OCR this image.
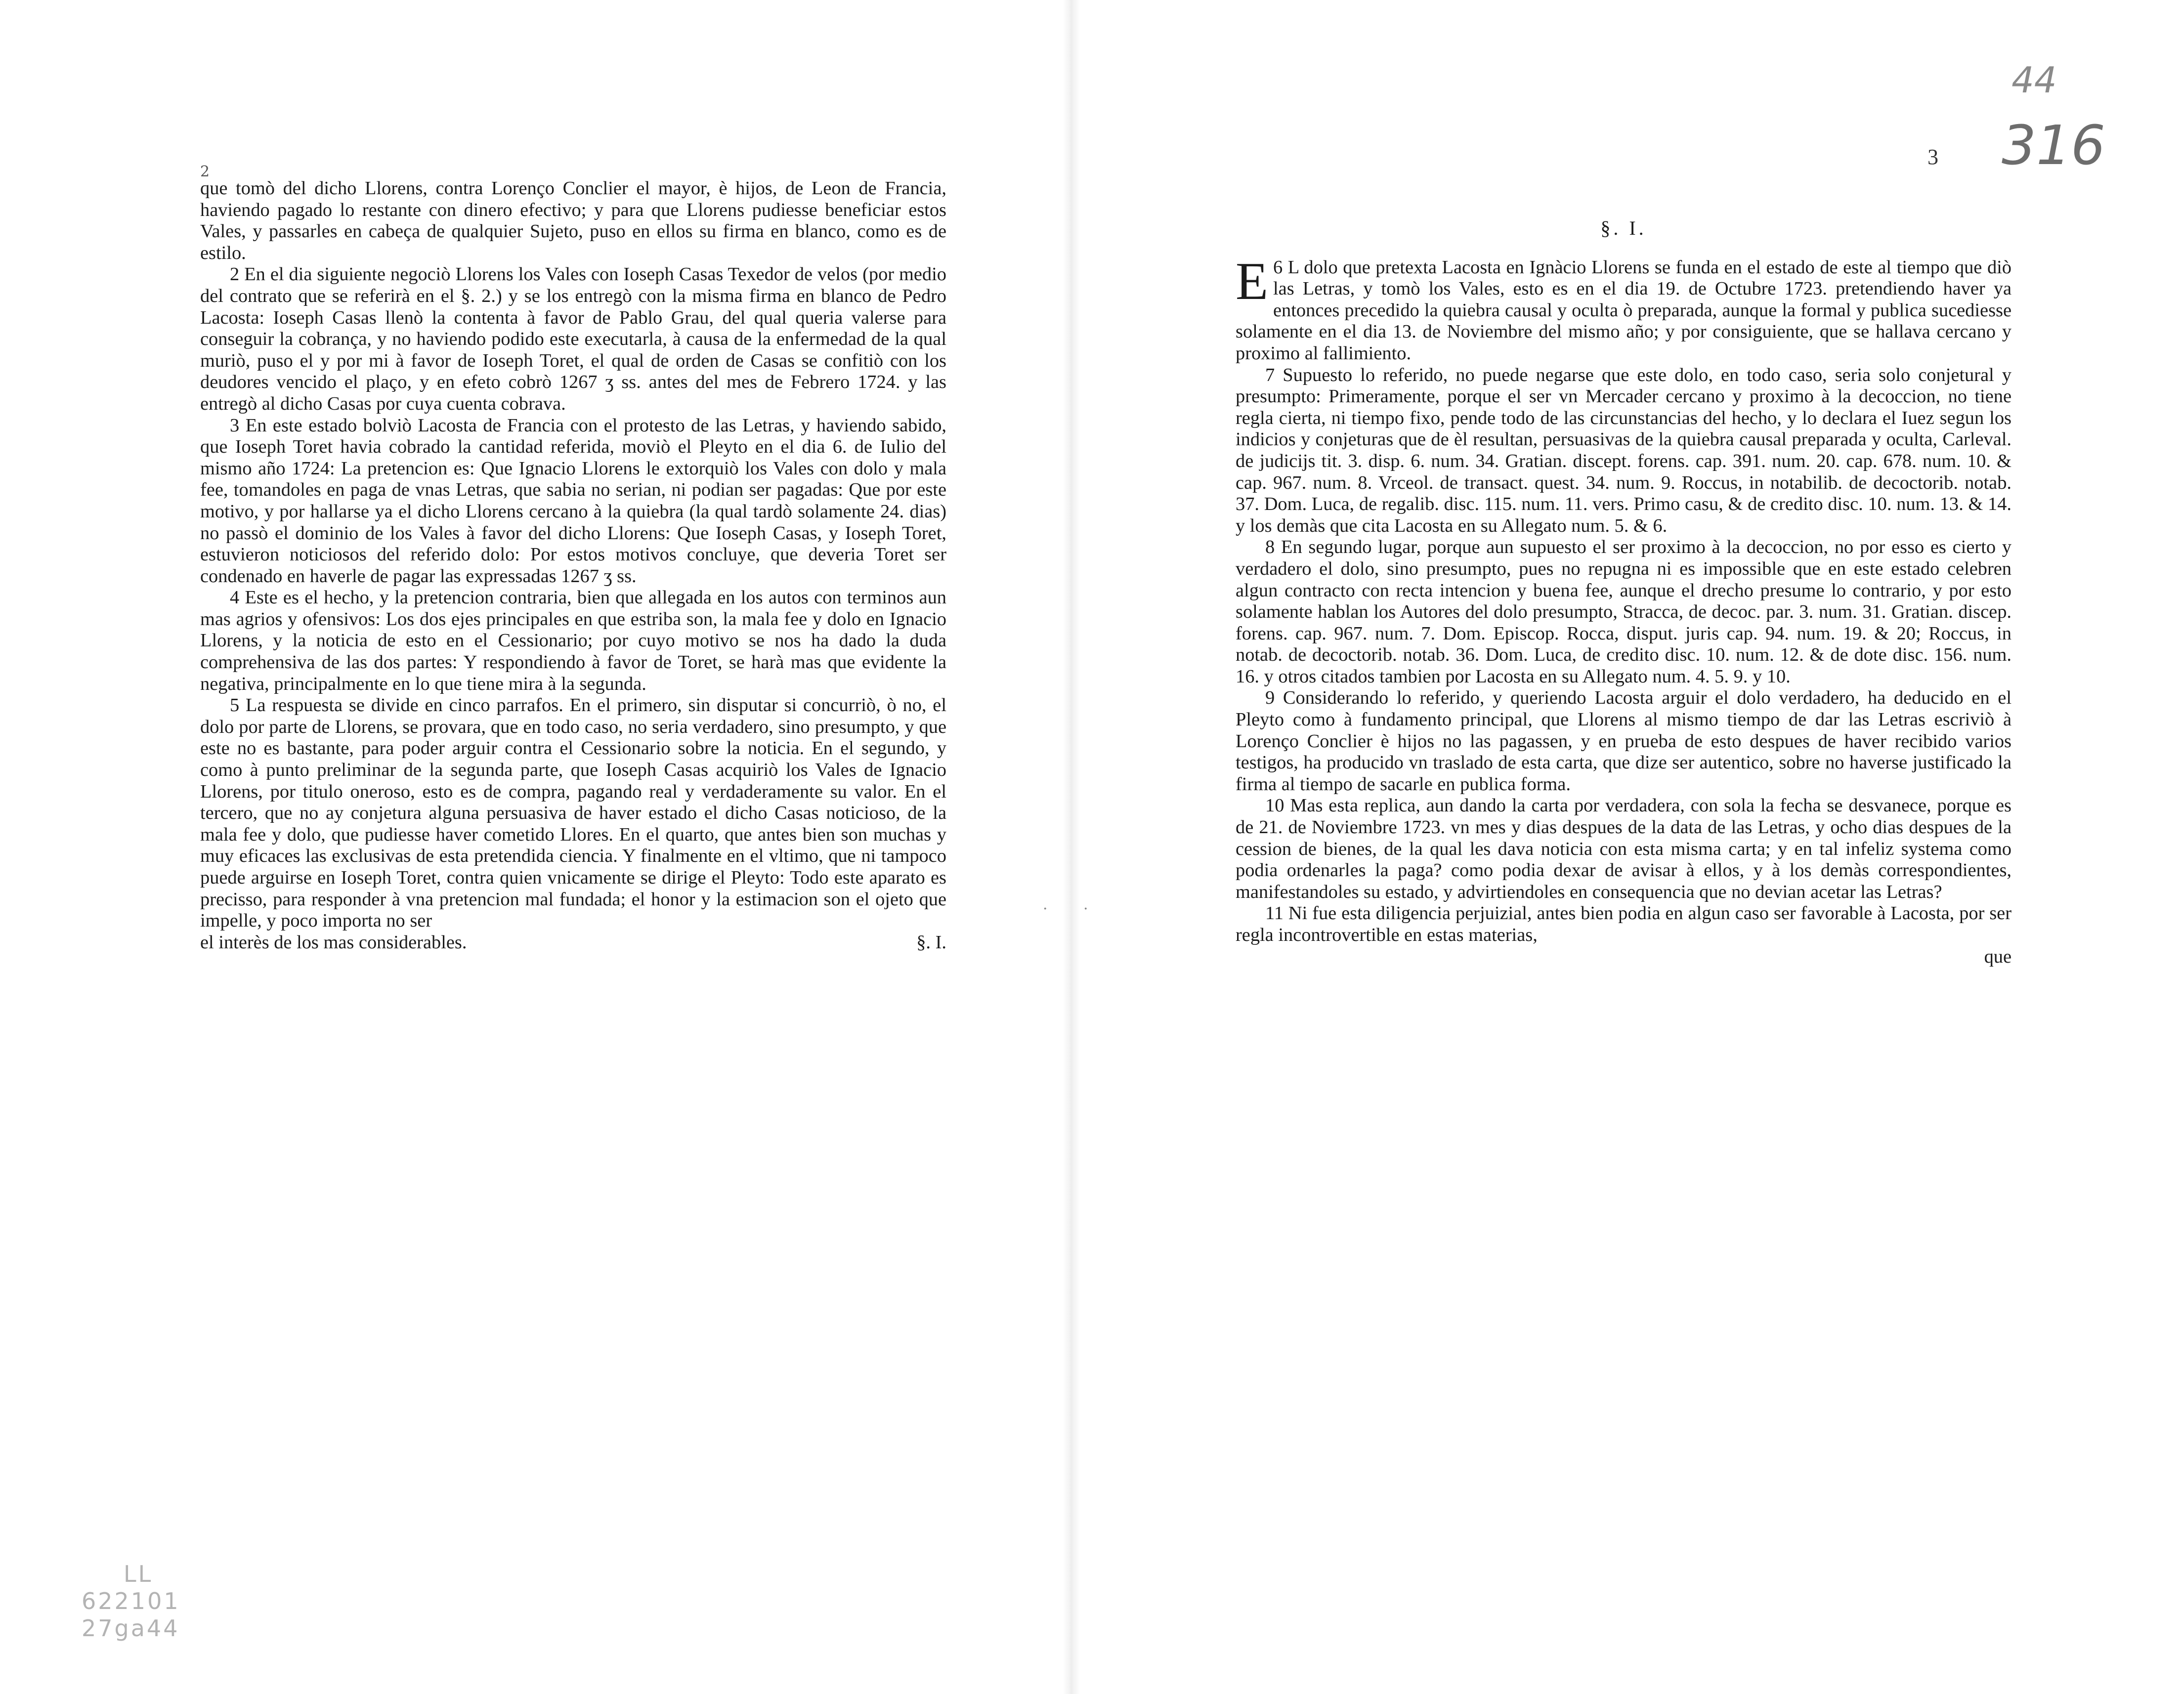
2

que tomò del dicho Llorens, contra Lorenço Conclier el mayor, è hijos, de Leon de Francia, haviendo pagado lo restante con dinero efectivo; y para que Llorens pudiesse beneficiar estos Vales, y passarles en cabeça de qualquier Sujeto, puso en ellos su firma en blanco, como es de estilo.

2 En el dia siguiente negociò Llorens los Vales con Ioseph Casas Texedor de velos (por medio del contrato que se referirà en el §. 2.) y se los entregò con la misma firma en blanco de Pedro Lacosta: Ioseph Casas llenò la contenta à favor de Pablo Grau, del qual queria valerse para conseguir la cobrança, y no haviendo podido este executarla, à causa de la enfermedad de la qual muriò, puso el y por mi à favor de Ioseph Toret, el qual de orden de Casas se confitiò con los deudores vencido el plaço, y en efeto cobrò 1267 ʒ ss. antes del mes de Febrero 1724. y las entregò al dicho Casas por cuya cuenta cobrava.

3 En este estado bolviò Lacosta de Francia con el protesto de las Letras, y haviendo sabido, que Ioseph Toret havia cobrado la cantidad referida, moviò el Pleyto en el dia 6. de Iulio del mismo año 1724: La pretencion es: Que Ignacio Llorens le extorquiò los Vales con dolo y mala fee, tomandoles en paga de vnas Letras, que sabia no serian, ni podian ser pagadas: Que por este motivo, y por hallarse ya el dicho Llorens cercano à la quiebra (la qual tardò solamente 24. dias) no passò el dominio de los Vales à favor del dicho Llorens: Que Ioseph Casas, y Ioseph Toret, estuvieron noticiosos del referido dolo: Por estos motivos concluye, que deveria Toret ser condenado en haverle de pagar las expressadas 1267 ʒ ss.

4 Este es el hecho, y la pretencion contraria, bien que allegada en los autos con terminos aun mas agrios y ofensivos: Los dos ejes principales en que estriba son, la mala fee y dolo en Ignacio Llorens, y la noticia de esto en el Cessionario; por cuyo motivo se nos ha dado la duda comprehensiva de las dos partes: Y respondiendo à favor de Toret, se harà mas que evidente la negativa, principalmente en lo que tiene mira à la segunda.

5 La respuesta se divide en cinco parrafos. En el primero, sin disputar si concurriò, ò no, el dolo por parte de Llorens, se provara, que en todo caso, no seria verdadero, sino presumpto, y que este no es bastante, para poder arguir contra el Cessionario sobre la noticia. En el segundo, y como à punto preliminar de la segunda parte, que Ioseph Casas acquiriò los Vales de Ignacio Llorens, por titulo oneroso, esto es de compra, pagando real y verdaderamente su valor. En el tercero, que no ay conjetura alguna persuasiva de haver estado el dicho Casas noticioso, de la mala fee y dolo, que pudiesse haver cometido Llores. En el quarto, que antes bien son muchas y muy eficaces las exclusivas de esta pretendida ciencia. Y finalmente en el vltimo, que ni tampoco puede arguirse en Ioseph Toret, contra quien vnicamente se dirige el Pleyto: Todo este aparato es precisso, para responder à vna pretencion mal fundada; el honor y la estimacion son el ojeto que impelle, y poco importa no ser

el interès de los mas considerables.	§. I.
LL
622101
27ga44
· ·
44
316
3
§. I.

6
E L dolo que pretexta Lacosta en Ignàcio Llorens se funda en el estado de este al tiempo que diò las Letras, y tomò los Vales, esto es en el dia 19. de Octubre 1723. pretendiendo haver ya entonces precedido la quiebra causal y oculta ò preparada, aunque la formal y publica sucediesse solamente en el dia 13. de Noviembre del mismo año; y por consiguiente, que se hallava cercano y proximo al fallimiento.

7 Supuesto lo referido, no puede negarse que este dolo, en todo caso, seria solo conjetural y presumpto: Primeramente, porque el ser vn Mercader cercano y proximo à la decoccion, no tiene regla cierta, ni tiempo fixo, pende todo de las circunstancias del hecho, y lo declara el Iuez segun los indicios y conjeturas que de èl resultan, persuasivas de la quiebra causal preparada y oculta, Carleval. de judicijs tit. 3. disp. 6. num. 34. Gratian. discept. forens. cap. 391. num. 20. cap. 678. num. 10. & cap. 967. num. 8. Vrceol. de transact. quest. 34. num. 9. Roccus, in notabilib. de decoctorib. notab. 37. Dom. Luca, de regalib. disc. 115. num. 11. vers. Primo casu, & de credito disc. 10. num. 13. & 14. y los demàs que cita Lacosta en su Allegato num. 5. & 6.

8 En segundo lugar, porque aun supuesto el ser proximo à la decoccion, no por esso es cierto y verdadero el dolo, sino presumpto, pues no repugna ni es impossible que en este estado celebren algun contracto con recta intencion y buena fee, aunque el drecho presume lo contrario, y por esto solamente hablan los Autores del dolo presumpto, Stracca, de decoc. par. 3. num. 31. Gratian. discep. forens. cap. 967. num. 7. Dom. Episcop. Rocca, disput. juris cap. 94. num. 19. & 20; Roccus, in notab. de decoctorib. notab. 36. Dom. Luca, de credito disc. 10. num. 12. & de dote disc. 156. num. 16. y otros citados tambien por Lacosta en su Allegato num. 4. 5. 9. y 10.

9 Considerando lo referido, y queriendo Lacosta arguir el dolo verdadero, ha deducido en el Pleyto como à fundamento principal, que Llorens al mismo tiempo de dar las Letras escriviò à Lorenço Conclier è hijos no las pagassen, y en prueba de esto despues de haver recibido varios testigos, ha producido vn traslado de esta carta, que dize ser autentico, sobre no haverse justificado la firma al tiempo de sacarle en publica forma.

10 Mas esta replica, aun dando la carta por verdadera, con sola la fecha se desvanece, porque es de 21. de Noviembre 1723. vn mes y dias despues de la data de las Letras, y ocho dias despues de la cession de bienes, de la qual les dava noticia con esta misma carta; y en tal infeliz systema como podia ordenarles la paga? como podia dexar de avisar à ellos, y à los demàs correspondientes, manifestandoles su estado, y advirtiendoles en consequencia que no devian acetar las Letras?

11 Ni fue esta diligencia perjuizial, antes bien podia en algun caso ser favorable à Lacosta, por ser regla incontrovertible en estas materias,

que
